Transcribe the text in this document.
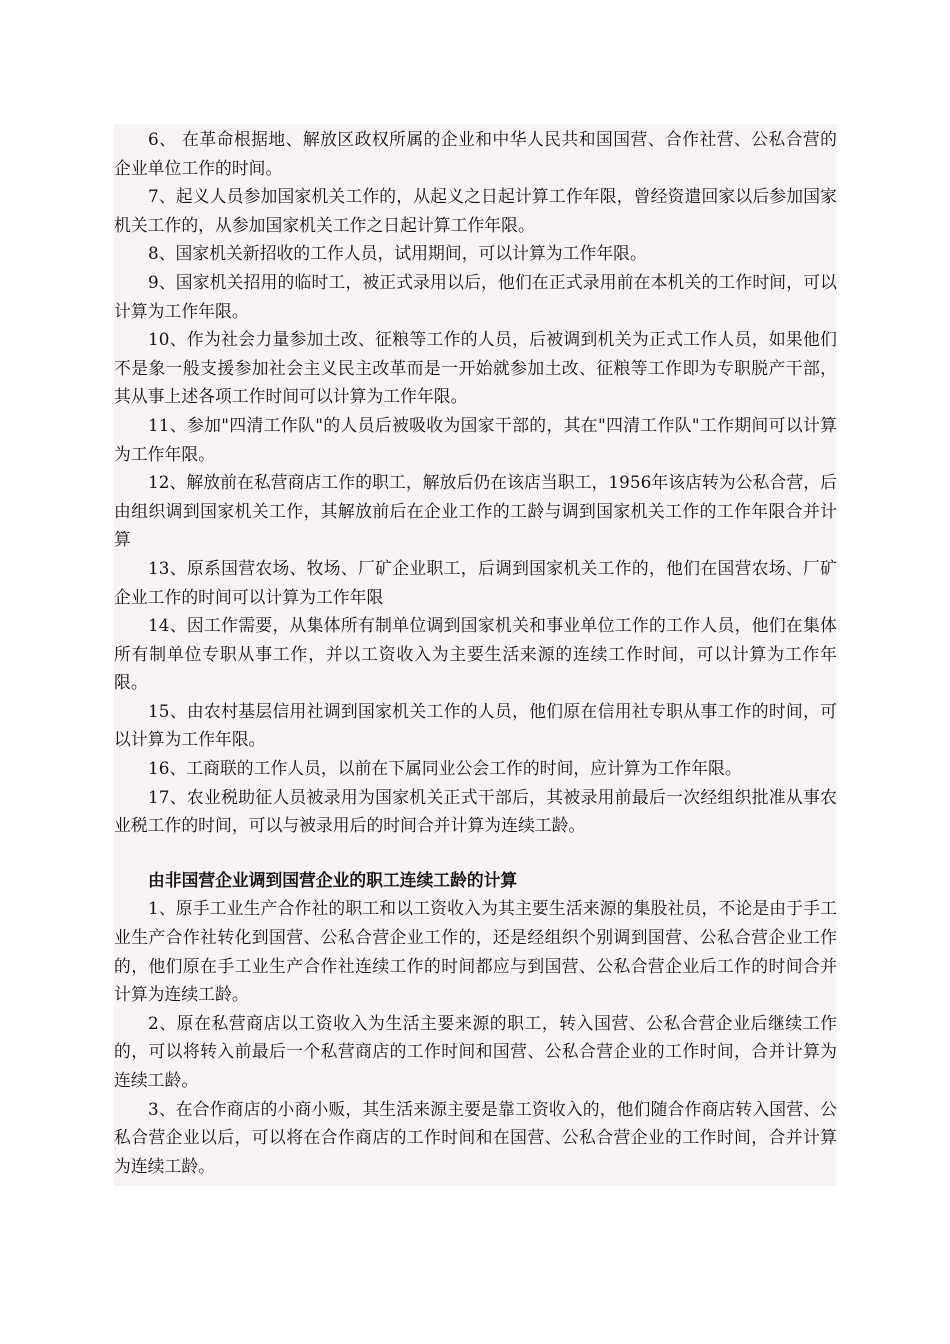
6、 在革命根据地、解放区政权所属的企业和中华人民共和国国营、合作社营、公私合营的企业单位工作的时间。

7、起义人员参加国家机关工作的，从起义之日起计算工作年限，曾经资遣回家以后参加国家机关工作的，从参加国家机关工作之日起计算工作年限。

8、国家机关新招收的工作人员，试用期间，可以计算为工作年限。

9、国家机关招用的临时工，被正式录用以后，他们在正式录用前在本机关的工作时间，可以计算为工作年限。

10、作为社会力量参加土改、征粮等工作的人员，后被调到机关为正式工作人员，如果他们不是象一般支援参加社会主义民主改革而是一开始就参加土改、征粮等工作即为专职脱产干部，其从事上述各项工作时间可以计算为工作年限。

11、参加"四清工作队"的人员后被吸收为国家干部的，其在"四清工作队"工作期间可以计算为工作年限。

12、解放前在私营商店工作的职工，解放后仍在该店当职工，1956年该店转为公私合营，后由组织调到国家机关工作，其解放前后在企业工作的工龄与调到国家机关工作的工作年限合并计算

13、原系国营农场、牧场、厂矿企业职工，后调到国家机关工作的，他们在国营农场、厂矿企业工作的时间可以计算为工作年限

14、因工作需要，从集体所有制单位调到国家机关和事业单位工作的工作人员，他们在集体所有制单位专职从事工作，并以工资收入为主要生活来源的连续工作时间，可以计算为工作年限。

15、由农村基层信用社调到国家机关工作的人员，他们原在信用社专职从事工作的时间，可以计算为工作年限。

16、工商联的工作人员，以前在下属同业公会工作的时间，应计算为工作年限。

17、农业税助征人员被录用为国家机关正式干部后，其被录用前最后一次经组织批准从事农业税工作的时间，可以与被录用后的时间合并计算为连续工龄。

由非国营企业调到国营企业的职工连续工龄的计算

1、原手工业生产合作社的职工和以工资收入为其主要生活来源的集股社员，不论是由于手工业生产合作社转化到国营、公私合营企业工作的，还是经组织个别调到国营、公私合营企业工作的，他们原在手工业生产合作社连续工作的时间都应与到国营、公私合营企业后工作的时间合并计算为连续工龄。

2、原在私营商店以工资收入为生活主要来源的职工，转入国营、公私合营企业后继续工作的，可以将转入前最后一个私营商店的工作时间和国营、公私合营企业的工作时间，合并计算为连续工龄。

3、在合作商店的小商小贩，其生活来源主要是靠工资收入的，他们随合作商店转入国营、公私合营企业以后，可以将在合作商店的工作时间和在国营、公私合营企业的工作时间，合并计算为连续工龄。
